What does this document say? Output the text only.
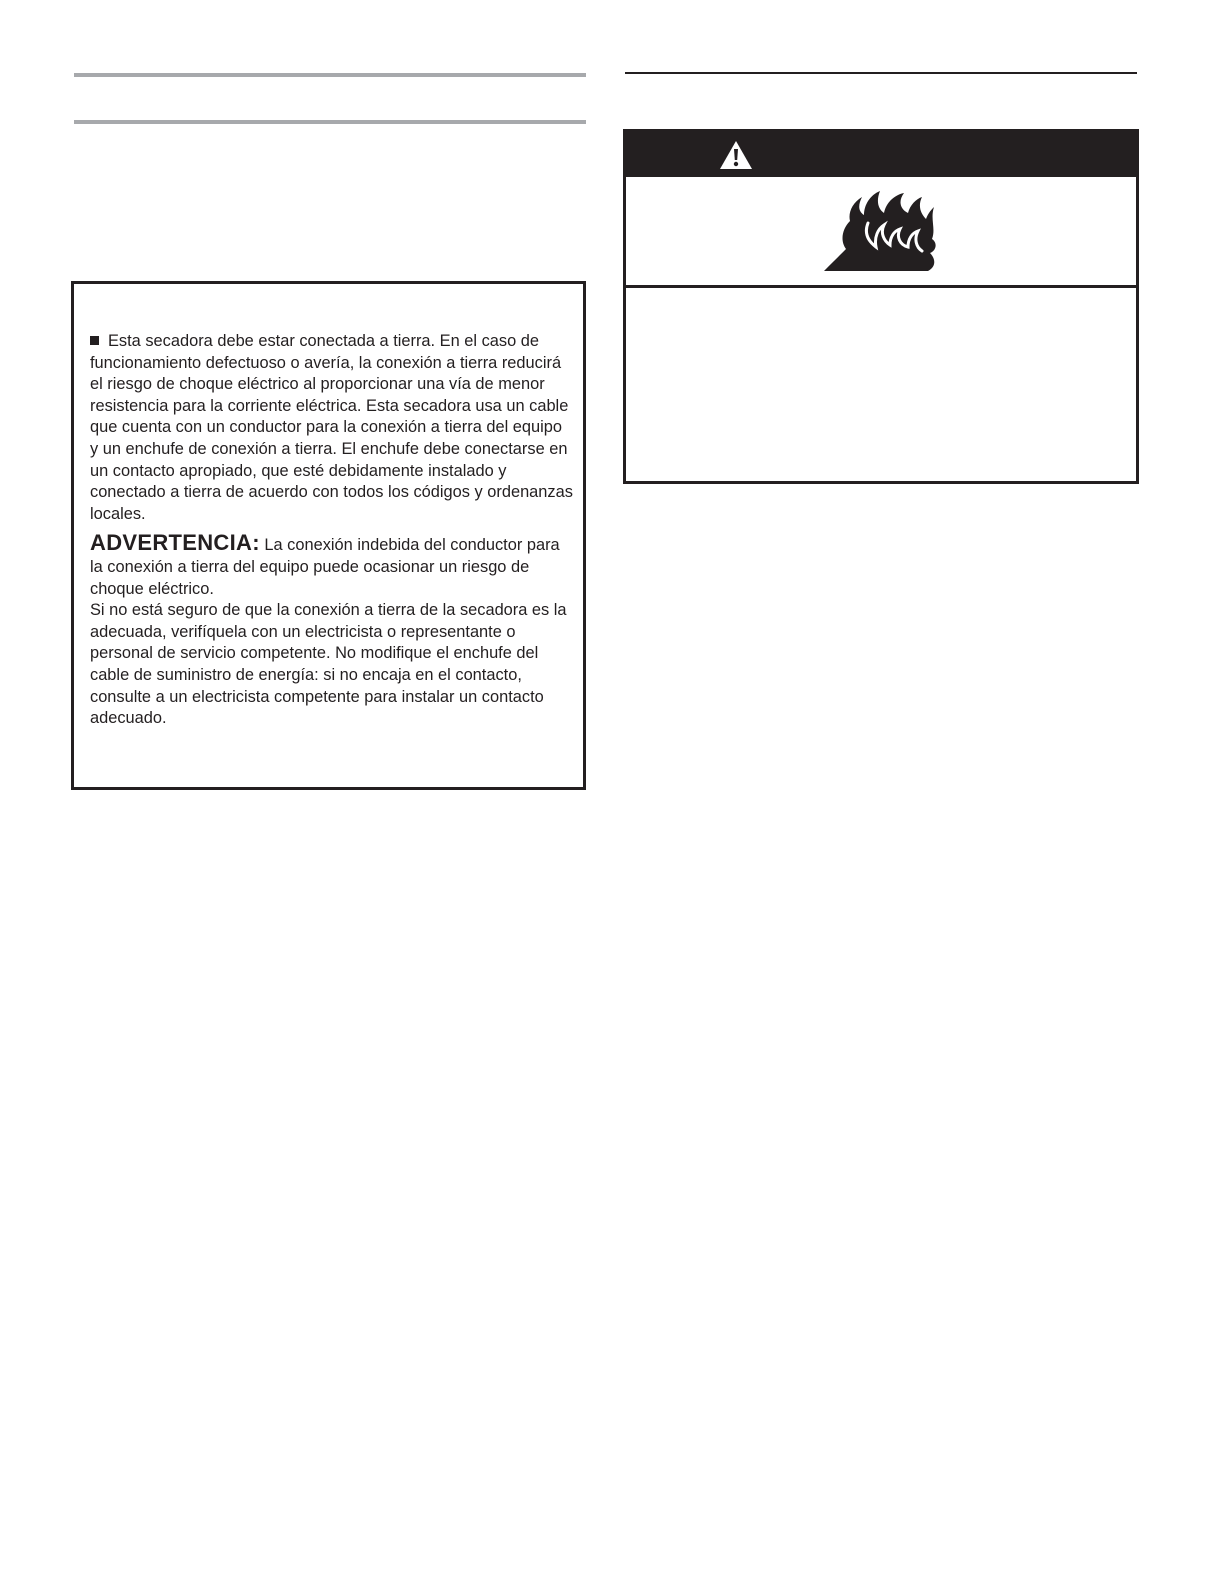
Esta secadora debe estar conectada a tierra. En el caso de funcionamiento defectuoso o avería, la conexión a tierra reducirá el riesgo de choque eléctrico al proporcionar una vía de menor resistencia para la corriente eléctrica. Esta secadora usa un cable que cuenta con un conductor para la conexión a tierra del equipo y un enchufe de conexión a tierra. El enchufe debe conectarse en un contacto apropiado, que esté debidamente instalado y conectado a tierra de acuerdo con todos los códigos y ordenanzas locales.

ADVERTENCIA: La conexión indebida del conductor para la conexión a tierra del equipo puede ocasionar un riesgo de choque eléctrico.

Si no está seguro de que la conexión a tierra de la secadora es la adecuada, verifíquela con un electricista o representante o personal de servicio competente. No modifique el enchufe del cable de suministro de energía: si no encaja en el contacto, consulte a un electricista competente para instalar un contacto adecuado.
